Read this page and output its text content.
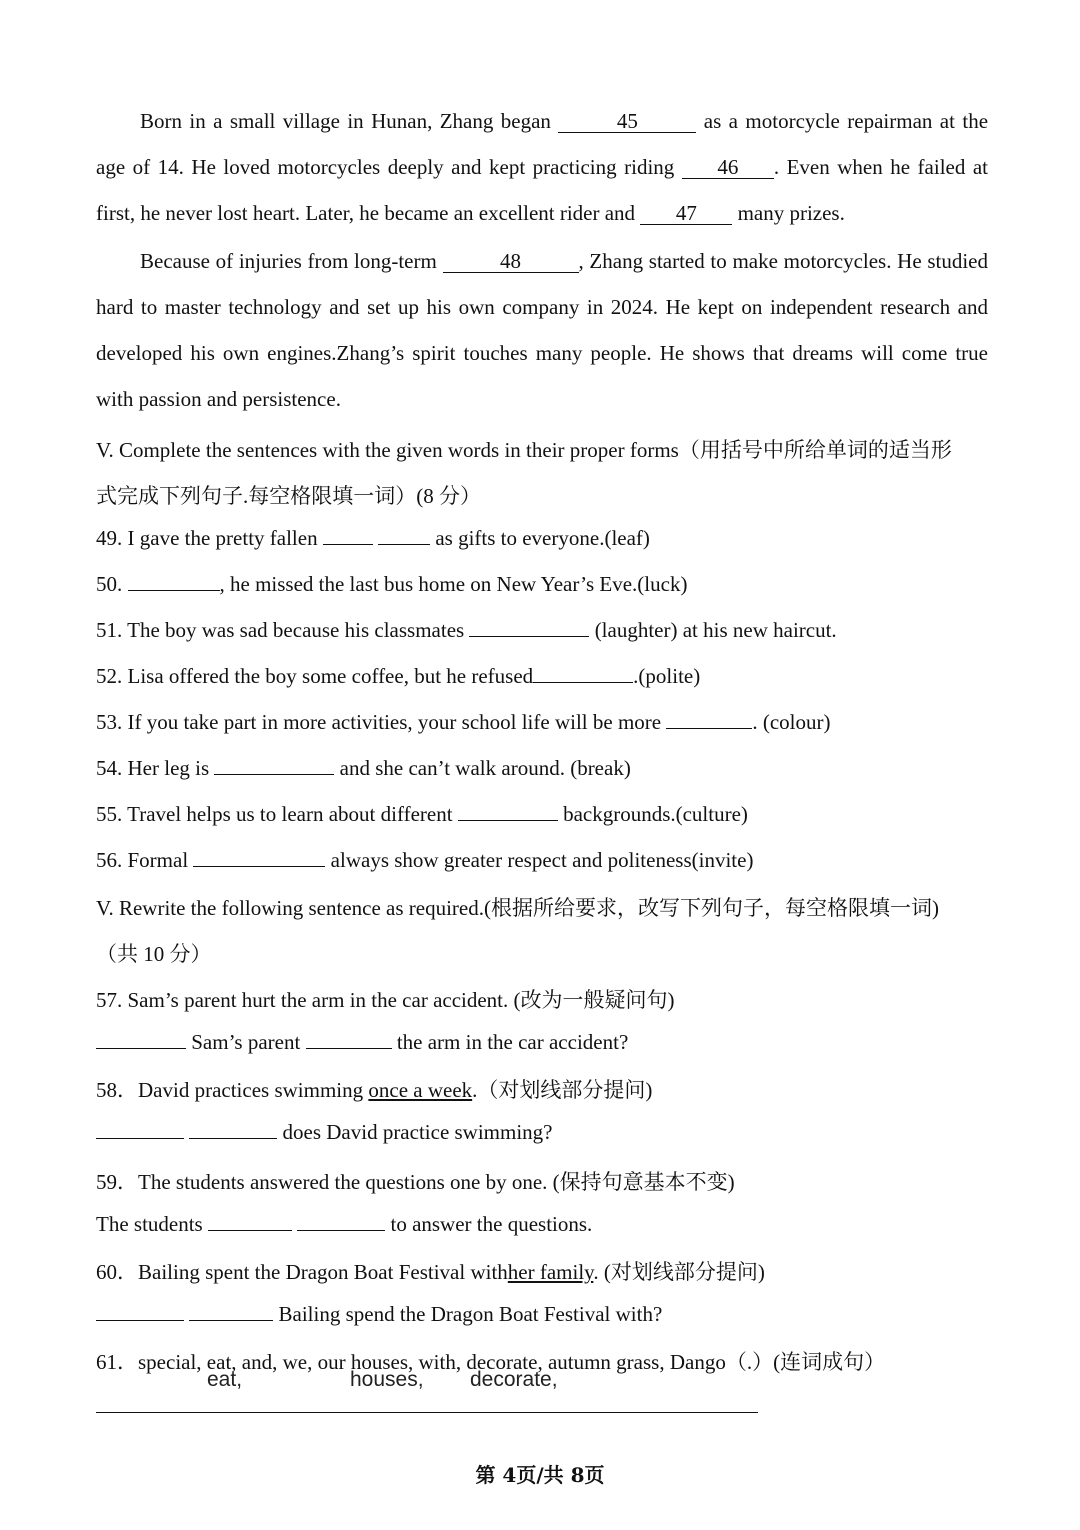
Born in a small village in Hunan, Zhang began	45	as a motorcycle repairman at the age of 14. He loved motorcycles deeply and kept practicing riding 46 . Even when he failed at first, he never lost heart. Later, he became an excellent rider and 47 many prizes.
Because of injuries from long-term	48	, Zhang started to make motorcycles. He studied hard to master technology and set up his own company in 2024. He kept on independent research and developed his own engines.Zhang’s spirit touches many people. He shows that dreams will come true with passion and persistence.
V. Complete the sentences with the given words in their proper forms（用括号中所给单词的适当形
式完成下列句子.每空格限填一词）(8 分）
49. I gave the pretty fallen	as gifts to everyone.(leaf)
50.	, he missed the last bus home on New Year’s Eve.(luck)
51. The boy was sad because his classmates	(laughter) at his new haircut.
52. Lisa offered the boy some coffee, but he refused	.(polite)
53. If you take part in more activities, your school life will be more	. (colour)
54. Her leg is	and she can’t walk around. (break)
55. Travel helps us to learn about different	backgrounds.(culture)
56. Formal	always show greater respect and politeness(invite)
V. Rewrite the following sentence as required.(根据所给要求，改写下列句子，每空格限填一词)
（共 10 分）
57. Sam’s parent hurt the arm in the car accident. (改为一般疑问句)
Sam’s parent	the arm in the car accident?
58．David practices swimming once a week.（对划线部分提问)
does David practice swimming?
59．The students answered the questions one by one. (保持句意基本不变)
The students	to answer the questions.
60．Bailing spent the Dragon Boat Festival withher family. (对划线部分提问)
Bailing spend the Dragon Boat Festival with?
61．special, eat, and, we, our houses, with, decorate, autumn grass, Dango（.）(连词成句）
eat,	houses, decorate,
第 4页/共 8页
